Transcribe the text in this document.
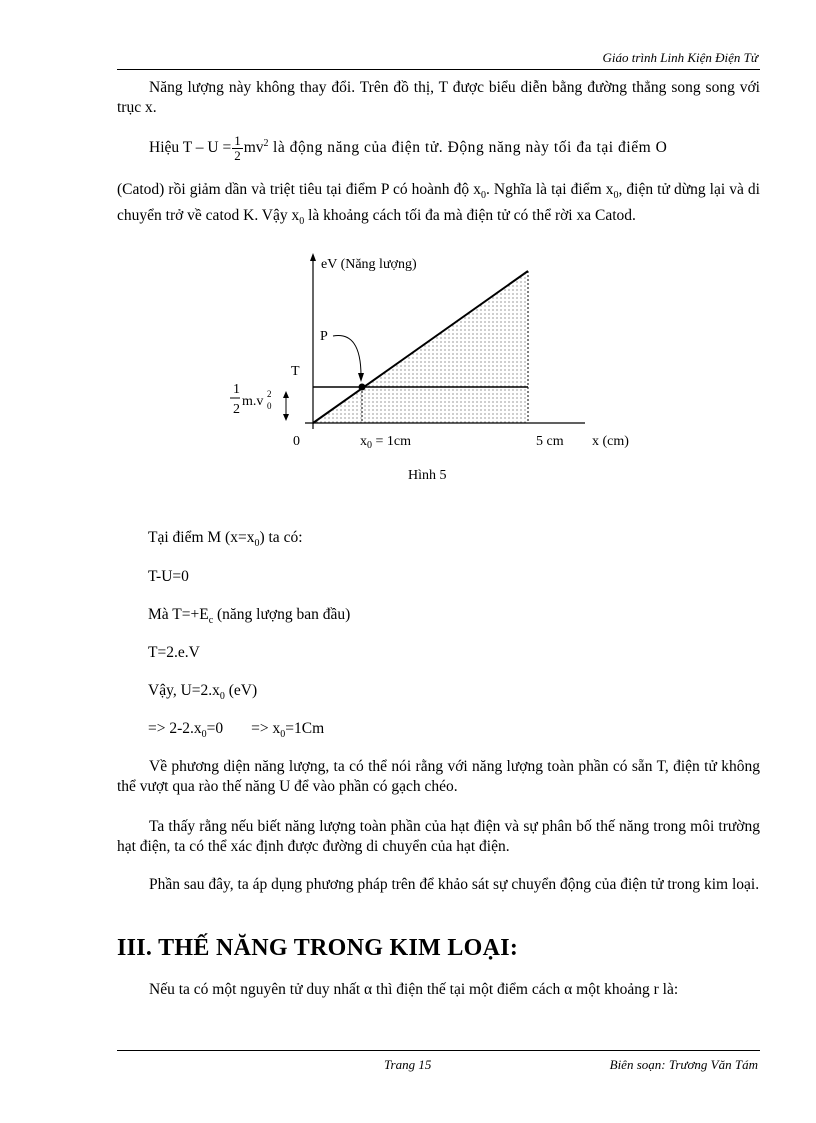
Giáo trình Linh Kiện Điện Tử
Năng lượng này không thay đổi. Trên đồ thị, T được biểu diễn bằng đường thẳng song song với trục x.
Hiệu $T - U = \frac{1}{2} mv^2$ là động năng của điện tử. Động năng này tối đa tại điểm O
(Catod) rồi giảm dần và triệt tiêu tại điểm P có hoành độ $x_0$. Nghĩa là tại điểm $x_0$, điện tử dừng lại và di chuyển trở về catod K. Vậy $x_0$ là khoảng cách tối đa mà điện tử có thể rời xa Catod.
eV (Năng lượng)
P
T
0	$x_0 = 1cm$	5 cm x (cm)
1
2
m.v 2
0
Hình 5
Tại điểm M $(x=x_0)$ ta có:
T-U=0
Mà $T=+E_c$ (năng lượng ban đầu)
T=2.e.V
Vậy, $U=2.x_0$ (eV)
=> $2-2.x_0=0 => x_0=1Cm$
Về phương diện năng lượng, ta có thể nói rằng với năng lượng toàn phần có sẵn T, điện tử không thể vượt qua rào thế năng U để vào phần có gạch chéo.
Ta thấy rằng nếu biết năng lượng toàn phần của hạt điện và sự phân bố thế năng trong môi trường hạt điện, ta có thể xác định được đường di chuyển của hạt điện.
Phần sau đây, ta áp dụng phương pháp trên để khảo sát sự chuyển động của điện tử trong kim loại.
III. THẾ NĂNG TRONG KIM LOẠI:
Nếu ta có một nguyên tử duy nhất α thì điện thế tại một điểm cách α một khoảng r là:
Trang 15	Biên soạn: Trương Văn Tám
